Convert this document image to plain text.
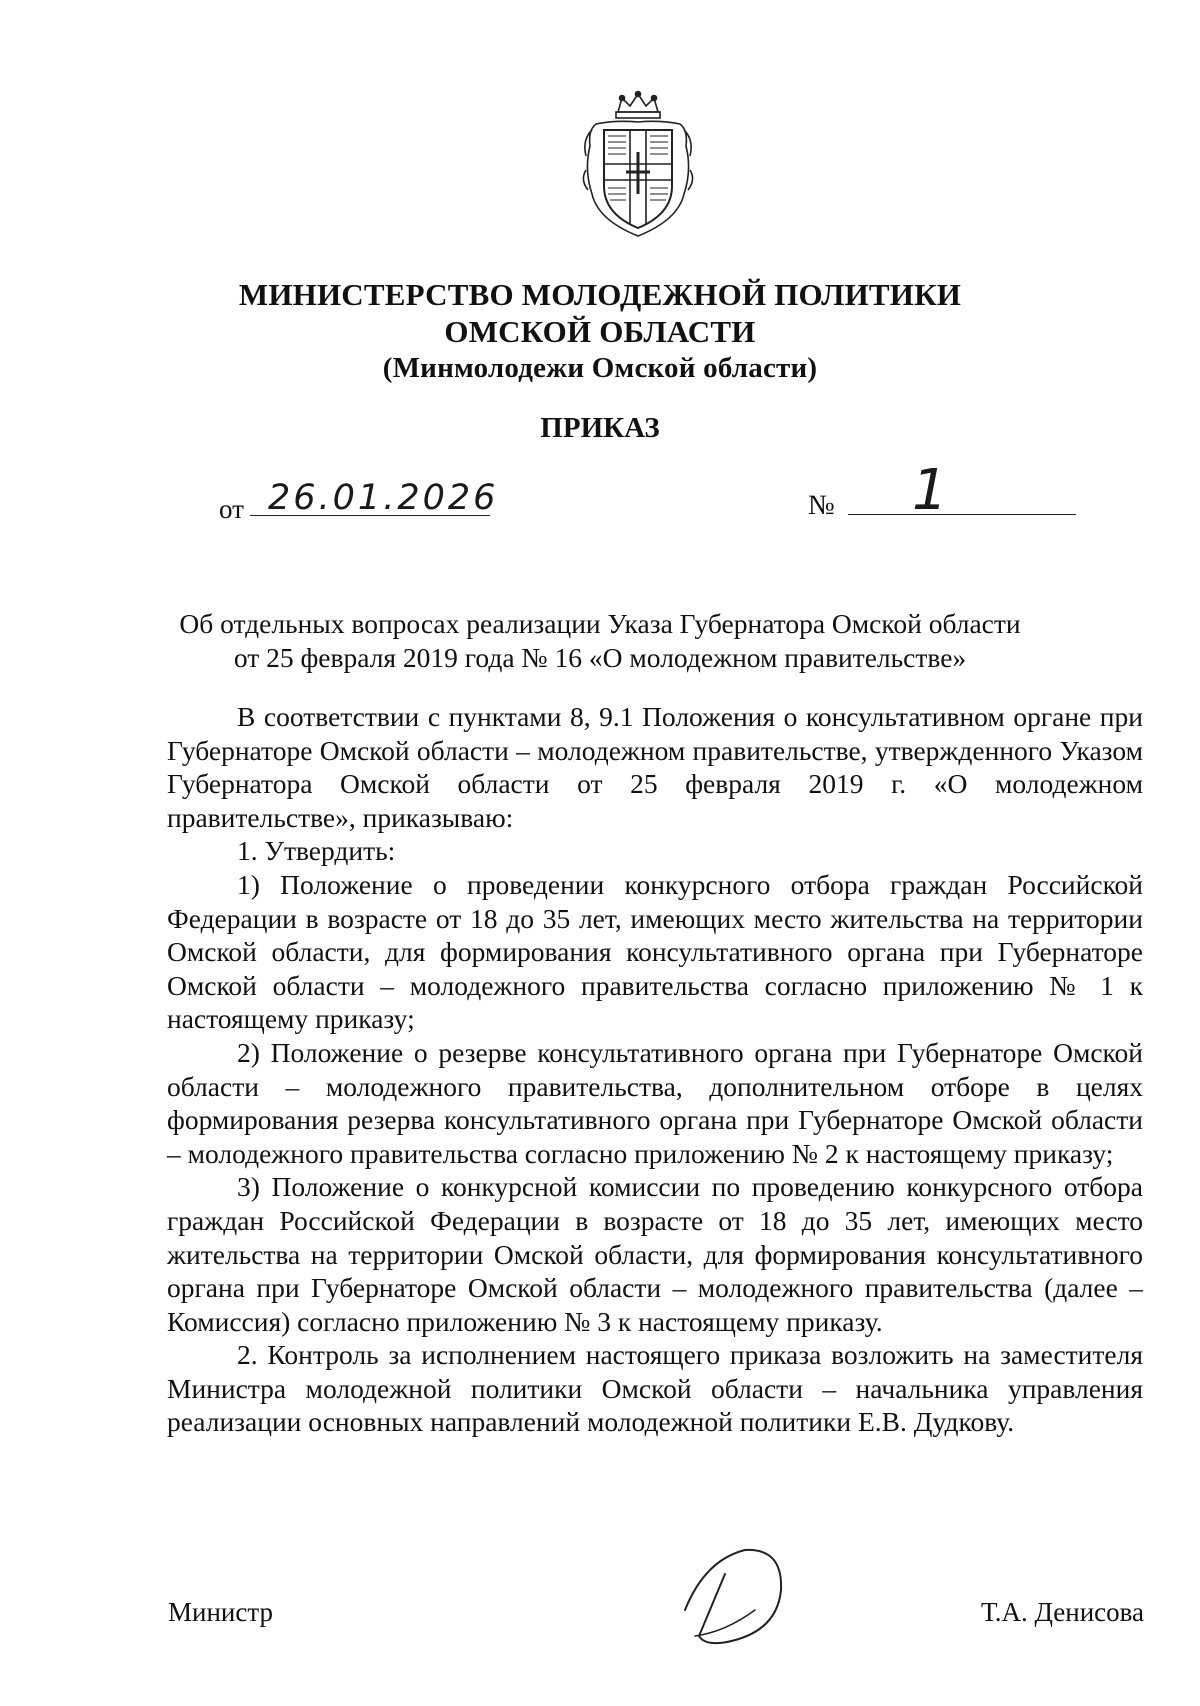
МИНИСТЕРСТВО МОЛОДЕЖНОЙ ПОЛИТИКИ
ОМСКОЙ ОБЛАСТИ
(Минмолодежи Омской области)
ПРИКАЗ
от 26.01.2026	№ 1
Об отдельных вопросах реализации Указа Губернатора Омской области
от 25 февраля 2019 года № 16 «О молодежном правительстве»

В соответствии с пунктами 8, 9.1 Положения о консультативном органе при Губернаторе Омской области – молодежном правительстве, утвержденного Указом Губернатора Омской области от 25 февраля 2019 г. «О молодежном правительстве», приказываю:

1. Утвердить:

1) Положение о проведении конкурсного отбора граждан Российской Федерации в возрасте от 18 до 35 лет, имеющих место жительства на территории Омской области, для формирования консультативного органа при Губернаторе Омской области – молодежного правительства согласно приложению № 1 к настоящему приказу;

2) Положение о резерве консультативного органа при Губернаторе Омской области – молодежного правительства, дополнительном отборе в целях формирования резерва консультативного органа при Губернаторе Омской области – молодежного правительства согласно приложению № 2 к настоящему приказу;

3) Положение о конкурсной комиссии по проведению конкурсного отбора граждан Российской Федерации в возрасте от 18 до 35 лет, имеющих место жительства на территории Омской области, для формирования консультативного органа при Губернаторе Омской области – молодежного правительства (далее – Комиссия) согласно приложению № 3 к настоящему приказу.

2. Контроль за исполнением настоящего приказа возложить на заместителя Министра молодежной политики Омской области – начальника управления реализации основных направлений молодежной политики Е.В. Дудкову.

Министр	Т.А. Денисова
